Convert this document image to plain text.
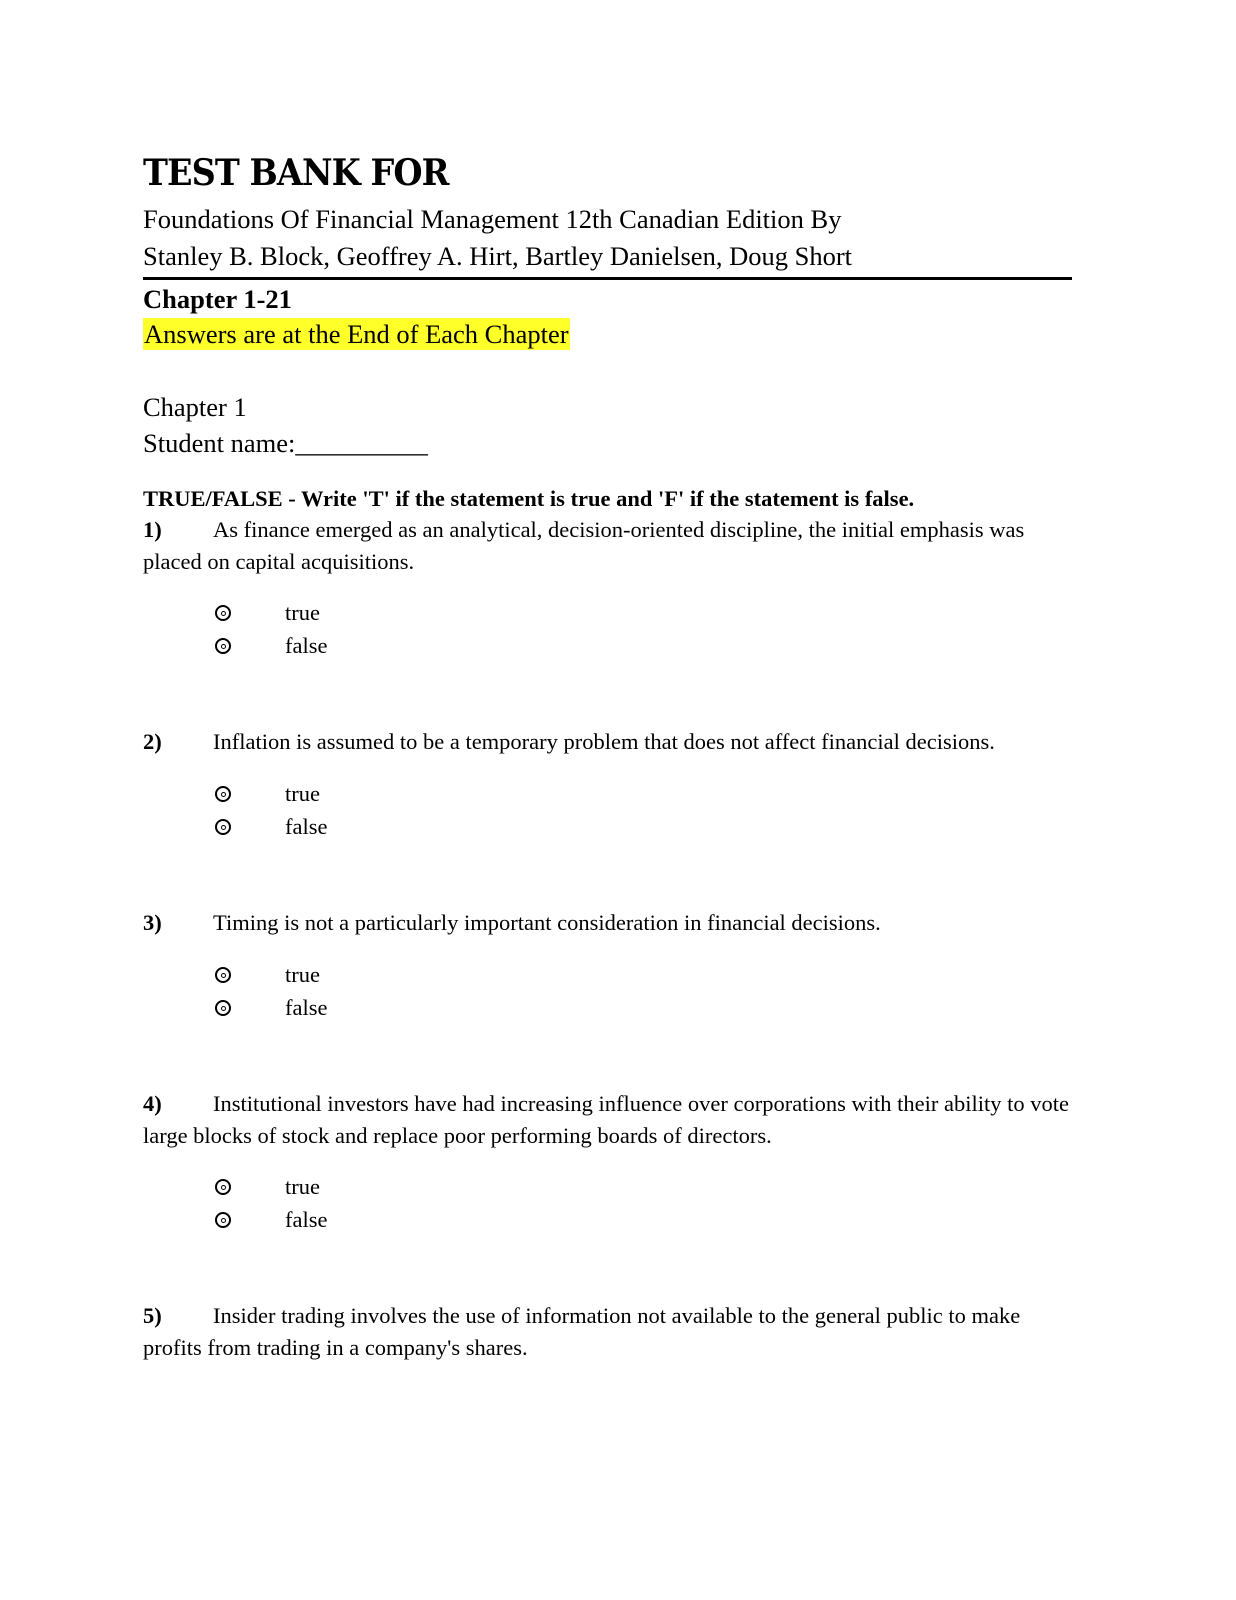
TEST BANK FOR

Foundations Of Financial Management 12th Canadian Edition By

Stanley B. Block, Geoffrey A. Hirt, Bartley Danielsen, Doug Short

Chapter 1-21

Answers are at the End of Each Chapter

Chapter 1

Student name:__________

TRUE/FALSE - Write 'T' if the statement is true and 'F' if the statement is false.

1) As finance emerged as an analytical, decision-oriented discipline, the initial emphasis was placed on capital acquisitions.

true
false

2) Inflation is assumed to be a temporary problem that does not affect financial decisions.

true
false

3) Timing is not a particularly important consideration in financial decisions.

true
false

4) Institutional investors have had increasing influence over corporations with their ability to vote large blocks of stock and replace poor performing boards of directors.

true
false

5) Insider trading involves the use of information not available to the general public to make profits from trading in a company's shares.
